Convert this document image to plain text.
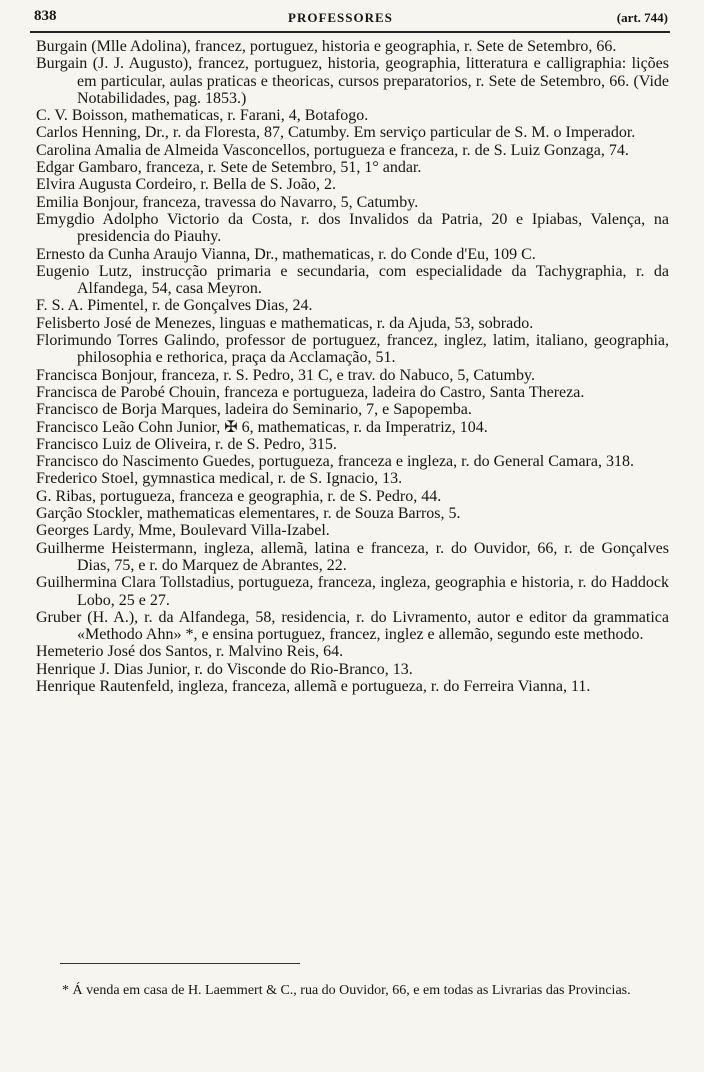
838	PROFESSORES	(art. 744)

Burgain (Mlle Adolina), francez, portuguez, historia e geographia, r. Sete de Setembro, 66.

Burgain (J. J. Augusto), francez, portuguez, historia, geographia, litteratura e calligraphia: lições em particular, aulas praticas e theoricas, cursos preparatorios, r. Sete de Setembro, 66. (Vide Notabilidades, pag. 1853.)

C. V. Boisson, mathematicas, r. Farani, 4, Botafogo.

Carlos Henning, Dr., r. da Floresta, 87, Catumby. Em serviço particular de S. M. o Imperador.

Carolina Amalia de Almeida Vasconcellos, portugueza e franceza, r. de S. Luiz Gonzaga, 74.

Edgar Gambaro, franceza, r. Sete de Setembro, 51, 1° andar.

Elvira Augusta Cordeiro, r. Bella de S. João, 2.

Emilia Bonjour, franceza, travessa do Navarro, 5, Catumby.

Emygdio Adolpho Victorio da Costa, r. dos Invalidos da Patria, 20 e Ipiabas, Valença, na presidencia do Piauhy.

Ernesto da Cunha Araujo Vianna, Dr., mathematicas, r. do Conde d'Eu, 109 C.

Eugenio Lutz, instrucção primaria e secundaria, com especialidade da Tachygraphia, r. da Alfandega, 54, casa Meyron.

F. S. A. Pimentel, r. de Gonçalves Dias, 24.

Felisberto José de Menezes, linguas e mathematicas, r. da Ajuda, 53, sobrado.

Florimundo Torres Galindo, professor de portuguez, francez, inglez, latim, italiano, geographia, philosophia e rethorica, praça da Acclamação, 51.

Francisca Bonjour, franceza, r. S. Pedro, 31 C, e trav. do Nabuco, 5, Catumby.

Francisca de Parobé Chouin, franceza e portugueza, ladeira do Castro, Santa Thereza.

Francisco de Borja Marques, ladeira do Seminario, 7, e Sapopemba.

Francisco Leão Cohn Junior, ✠ 6, mathematicas, r. da Imperatriz, 104.

Francisco Luiz de Oliveira, r. de S. Pedro, 315.

Francisco do Nascimento Guedes, portugueza, franceza e ingleza, r. do General Camara, 318.

Frederico Stoel, gymnastica medical, r. de S. Ignacio, 13.

G. Ribas, portugueza, franceza e geographia, r. de S. Pedro, 44.

Garção Stockler, mathematicas elementares, r. de Souza Barros, 5.

Georges Lardy, Mme, Boulevard Villa-Izabel.

Guilherme Heistermann, ingleza, allemã, latina e franceza, r. do Ouvidor, 66, r. de Gonçalves Dias, 75, e r. do Marquez de Abrantes, 22.

Guilhermina Clara Tollstadius, portugueza, franceza, ingleza, geographia e historia, r. do Haddock Lobo, 25 e 27.

Gruber (H. A.), r. da Alfandega, 58, residencia, r. do Livramento, autor e editor da grammatica «Methodo Ahn» *, e ensina portuguez, francez, inglez e allemão, segundo este methodo.

Hemeterio José dos Santos, r. Malvino Reis, 64.

Henrique J. Dias Junior, r. do Visconde do Rio-Branco, 13.

Henrique Rautenfeld, ingleza, franceza, allemã e portugueza, r. do Ferreira Vianna, 11.

* Á venda em casa de H. Laemmert & C., rua do Ouvidor, 66, e em todas as Livrarias das Provincias.
